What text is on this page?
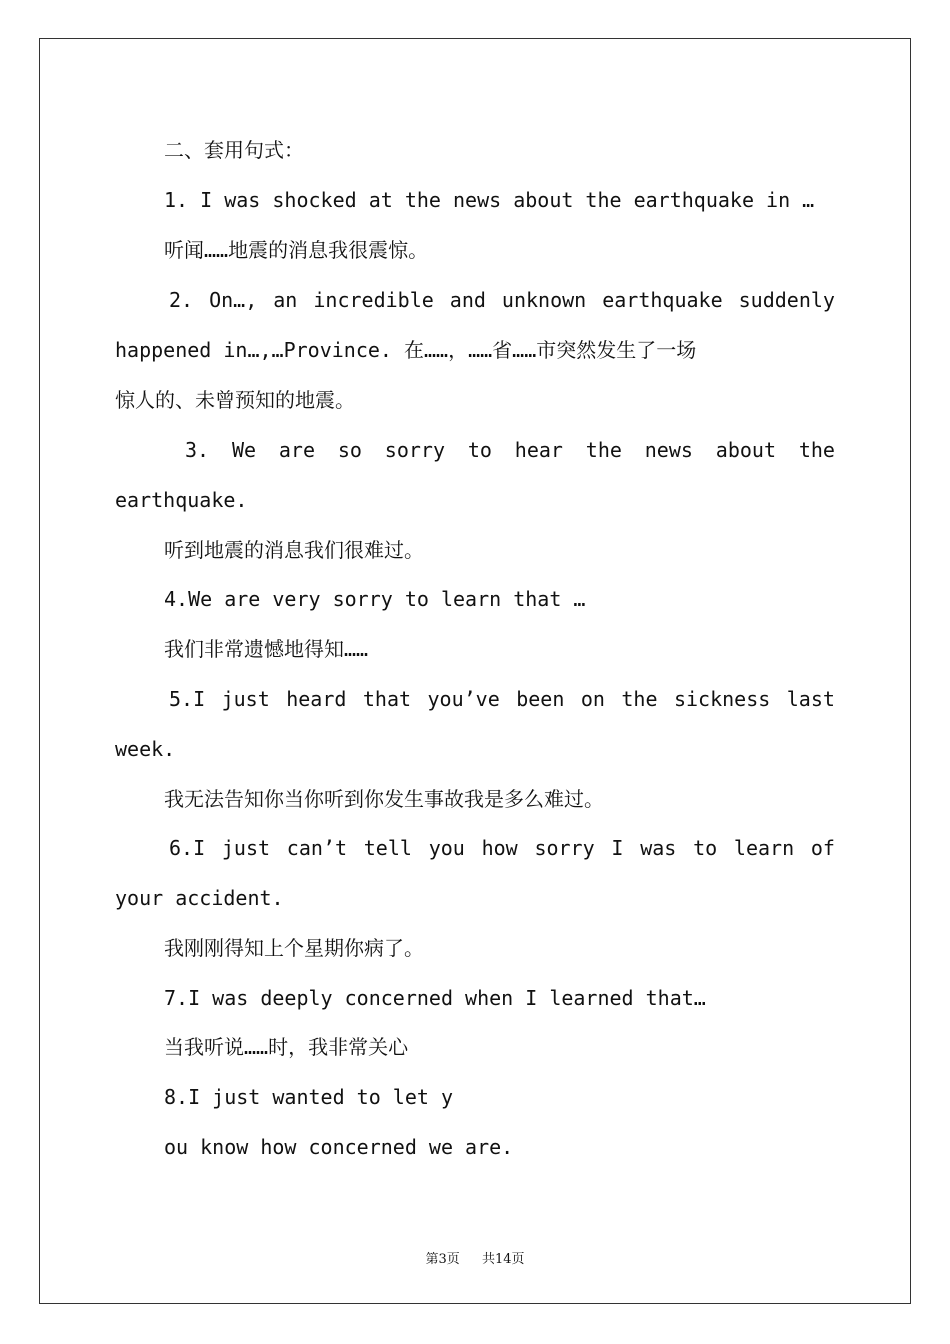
二、套用句式：
1. I was shocked at the news about the earthquake in …
听闻……地震的消息我很震惊。
2. On…, an incredible and unknown earthquake suddenly
happened in…,…Province. 在……，……省……市突然发生了一场
惊人的、未曾预知的地震。
3. We are so sorry to hear the news about the
earthquake.
听到地震的消息我们很难过。
4.We are very sorry to learn that …
我们非常遗憾地得知……
5.I just heard that you’ve been on the sickness last
week.
我无法告知你当你听到你发生事故我是多么难过。
6.I just can’t tell you how sorry I was to learn of
your accident.
我刚刚得知上个星期你病了。
7.I was deeply concerned when I learned that…
当我听说……时，我非常关心
8.I just wanted to let y
ou know how concerned we are.
第3页 共14页
